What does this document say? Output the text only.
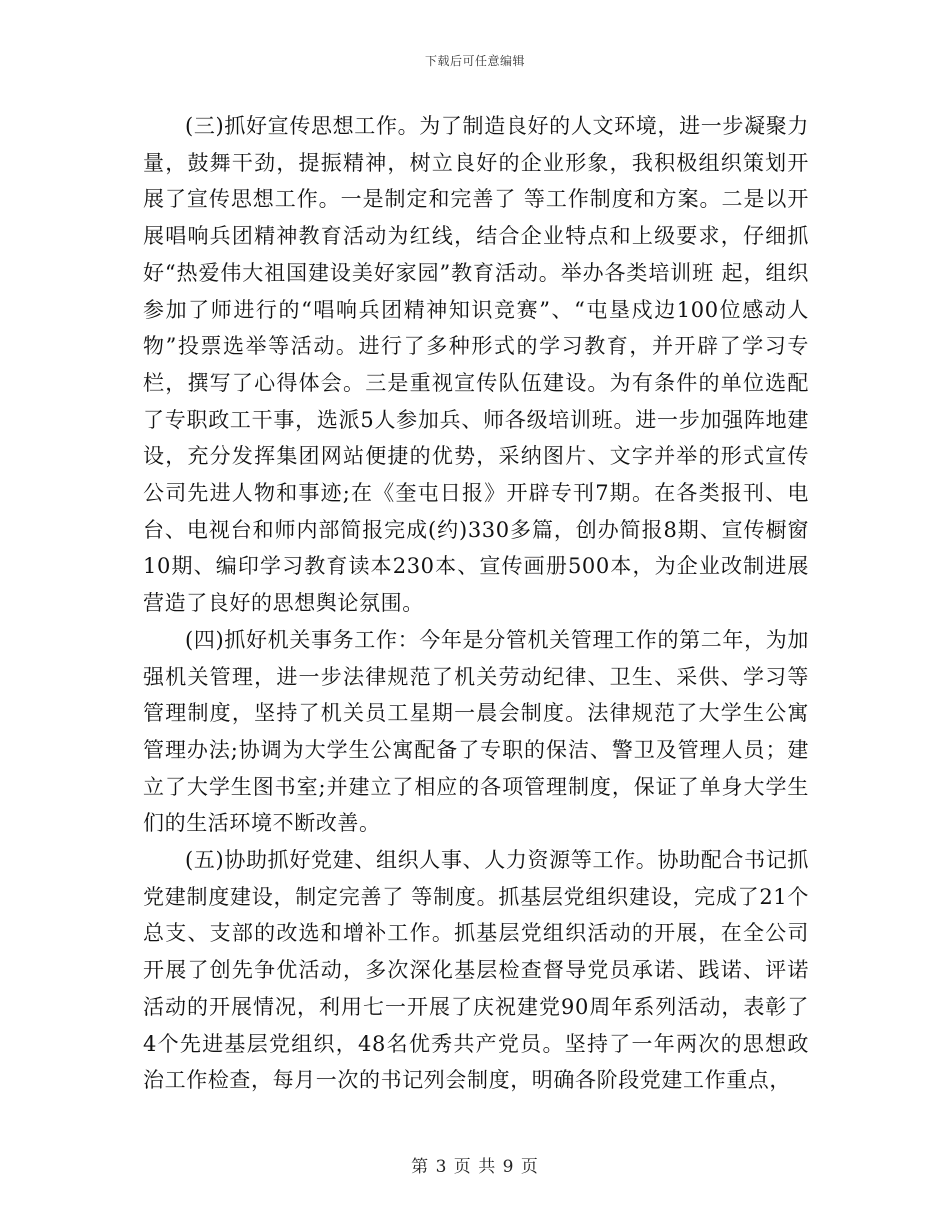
下载后可任意编辑

(三)抓好宣传思想工作。为了制造良好的人文环境，进一步凝聚力量，鼓舞干劲，提振精神，树立良好的企业形象，我积极组织策划开展了宣传思想工作。一是制定和完善了 等工作制度和方案。二是以开展唱响兵团精神教育活动为红线，结合企业特点和上级要求，仔细抓好“热爱伟大祖国建设美好家园”教育活动。举办各类培训班 起，组织参加了师进行的“唱响兵团精神知识竞赛”、“屯垦戍边100位感动人物”投票选举等活动。进行了多种形式的学习教育，并开辟了学习专栏，撰写了心得体会。三是重视宣传队伍建设。为有条件的单位选配了专职政工干事，选派5人参加兵、师各级培训班。进一步加强阵地建设，充分发挥集团网站便捷的优势，采纳图片、文字并举的形式宣传公司先进人物和事迹;在《奎屯日报》开辟专刊7期。在各类报刊、电台、电视台和师内部简报完成(约)330多篇，创办简报8期、宣传橱窗10期、编印学习教育读本230本、宣传画册500本，为企业改制进展营造了良好的思想舆论氛围。

(四)抓好机关事务工作：今年是分管机关管理工作的第二年，为加强机关管理，进一步法律规范了机关劳动纪律、卫生、采供、学习等管理制度，坚持了机关员工星期一晨会制度。法律规范了大学生公寓管理办法;协调为大学生公寓配备了专职的保洁、警卫及管理人员；建立了大学生图书室;并建立了相应的各项管理制度，保证了单身大学生们的生活环境不断改善。

(五)协助抓好党建、组织人事、人力资源等工作。协助配合书记抓党建制度建设，制定完善了 等制度。抓基层党组织建设，完成了21个总支、支部的改选和增补工作。抓基层党组织活动的开展，在全公司开展了创先争优活动，多次深化基层检查督导党员承诺、践诺、评诺活动的开展情况，利用七一开展了庆祝建党90周年系列活动，表彰了4个先进基层党组织，48名优秀共产党员。坚持了一年两次的思想政治工作检查，每月一次的书记列会制度，明确各阶段党建工作重点，

第 3 页 共 9 页
